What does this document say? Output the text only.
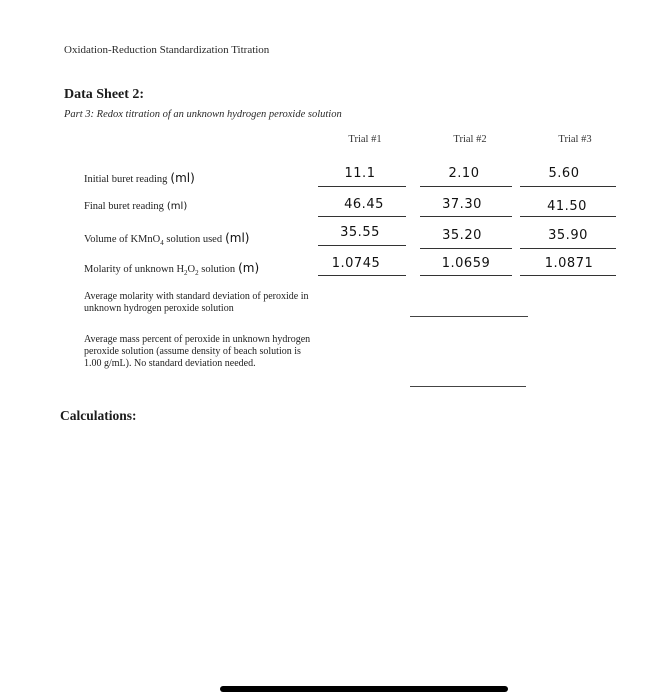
Oxidation-Reduction Standardization Titration
Data Sheet 2:
Part 3: Redox titration of an unknown hydrogen peroxide solution
Trial #1	Trial #2	Trial #3
Initial buret reading (ml)	11.1	2.10	5.60
Final buret reading (ml)	46.45	37.30	41.50
Volume of KMnO$_4$ solution used (ml)	35.55	35.20	35.90
Molarity of unknown $H_2O_2$ solution (m)	1.0745	1.0659	1.0871
Average molarity with standard deviation of peroxide in unknown hydrogen peroxide solution
Average mass percent of peroxide in unknown hydrogen peroxide solution (assume density of beach solution is 1.00 g/mL). No standard deviation needed.
Calculations:
